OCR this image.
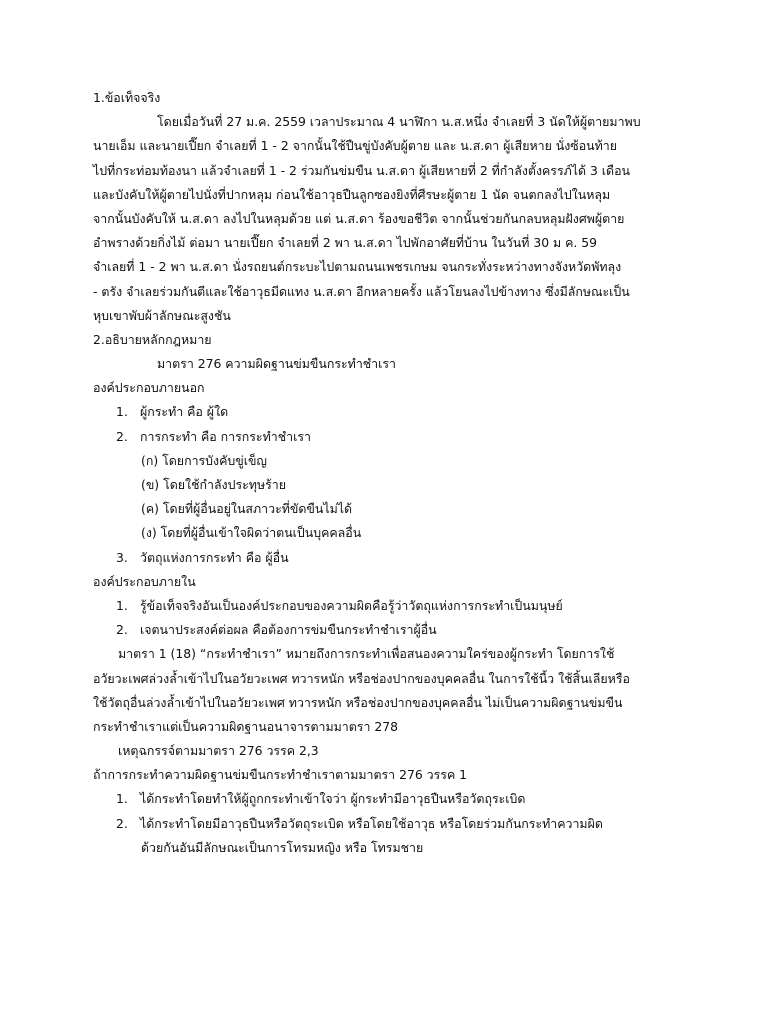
1.ข้อเท็จจริง
โดยเมื่อวันที่ 27 ม.ค. 2559 เวลาประมาณ 4 นาฬิกา น.ส.หนึ่ง จำเลยที่ 3 นัดให้ผู้ตายมาพบ
นายเอ็ม และนายเปี๊ยก จำเลยที่ 1 - 2 จากนั้นใช้ปืนขู่บังคับผู้ตาย และ น.ส.ดา ผู้เสียหาย นั่งซ้อนท้าย
ไปที่กระท่อมท้องนา แล้วจำเลยที่ 1 - 2 ร่วมกันข่มขืน น.ส.ดา ผู้เสียหายที่ 2 ที่กำลังตั้งครรภ์ได้ 3 เดือน
และบังคับให้ผู้ตายไปนั่งที่ปากหลุม ก่อนใช้อาวุธปืนลูกซองยิงที่ศีรษะผู้ตาย 1 นัด จนตกลงไปในหลุม
จากนั้นบังคับให้ น.ส.ดา ลงไปในหลุมด้วย แต่ น.ส.ดา ร้องขอชีวิต จากนั้นช่วยกันกลบหลุมฝังศพผู้ตาย
อำพรางด้วยกิ่งไม้ ต่อมา นายเปี๊ยก จำเลยที่ 2 พา น.ส.ดา ไปพักอาศัยที่บ้าน ในวันที่ 30 ม ค. 59
จำเลยที่ 1 - 2 พา น.ส.ดา นั่งรถยนต์กระบะไปตามถนนเพชรเกษม จนกระทั่งระหว่างทางจังหวัดพัทลุง
- ตรัง จำเลยร่วมกันตีและใช้อาวุธมีดแทง น.ส.ดา อีกหลายครั้ง แล้วโยนลงไปข้างทาง ซึ่งมีลักษณะเป็น
หุบเขาพับผ้าลักษณะสูงชัน
2.อธิบายหลักกฎหมาย
มาตรา 276 ความผิดฐานข่มขืนกระทำชำเรา
องค์ประกอบภายนอก
1. ผู้กระทำ คือ ผู้ใด
2. การกระทำ คือ การกระทำชำเรา
(ก) โดยการบังคับขู่เข็ญ
(ข) โดยใช้กำลังประทุษร้าย
(ค) โดยที่ผู้อื่นอยู่ในสภาวะที่ขัดขืนไม่ได้
(ง) โดยที่ผู้อื่นเข้าใจผิดว่าตนเป็นบุคคลอื่น
3. วัตถุแห่งการกระทำ คือ ผู้อื่น
องค์ประกอบภายใน
1. รู้ข้อเท็จจริงอันเป็นองค์ประกอบของความผิดคือรู้ว่าวัตถุแห่งการกระทำเป็นมนุษย์
2. เจตนาประสงค์ต่อผล คือต้องการข่มขืนกระทำชำเราผู้อื่น
มาตรา 1 (18) “กระทำชำเรา” หมายถึงการกระทำเพื่อสนองความใคร่ของผู้กระทำ โดยการใช้
อวัยวะเพศล่วงล้ำเข้าไปในอวัยวะเพศ ทวารหนัก หรือช่องปากของบุคคลอื่น ในการใช้นี้ว ใช้สิ้นเลียหรือ
ใช้วัตถุอื่นล่วงล้ำเข้าไปในอวัยวะเพศ ทวารหนัก หรือช่องปากของบุคคลอื่น ไม่เป็นความผิดฐานข่มขืน
กระทำชำเราแต่เป็นความผิดฐานอนาจารตามมาตรา 278
เหตุฉกรรจ์ตามมาตรา 276 วรรค 2,3
ถ้าการกระทำความผิดฐานข่มขืนกระทำชำเราตามมาตรา 276 วรรค 1
1. ได้กระทำโดยทำให้ผู้ถูกกระทำเข้าใจว่า ผู้กระทำมีอาวุธปืนหรือวัตถุระเบิด
2. ได้กระทำโดยมีอาวุธปืนหรือวัตถุระเบิด หรือโดยใช้อาวุธ หรือโดยร่วมกันกระทำความผิด
ด้วยกันอันมีลักษณะเป็นการโทรมหญิง หรือ โทรมชาย
